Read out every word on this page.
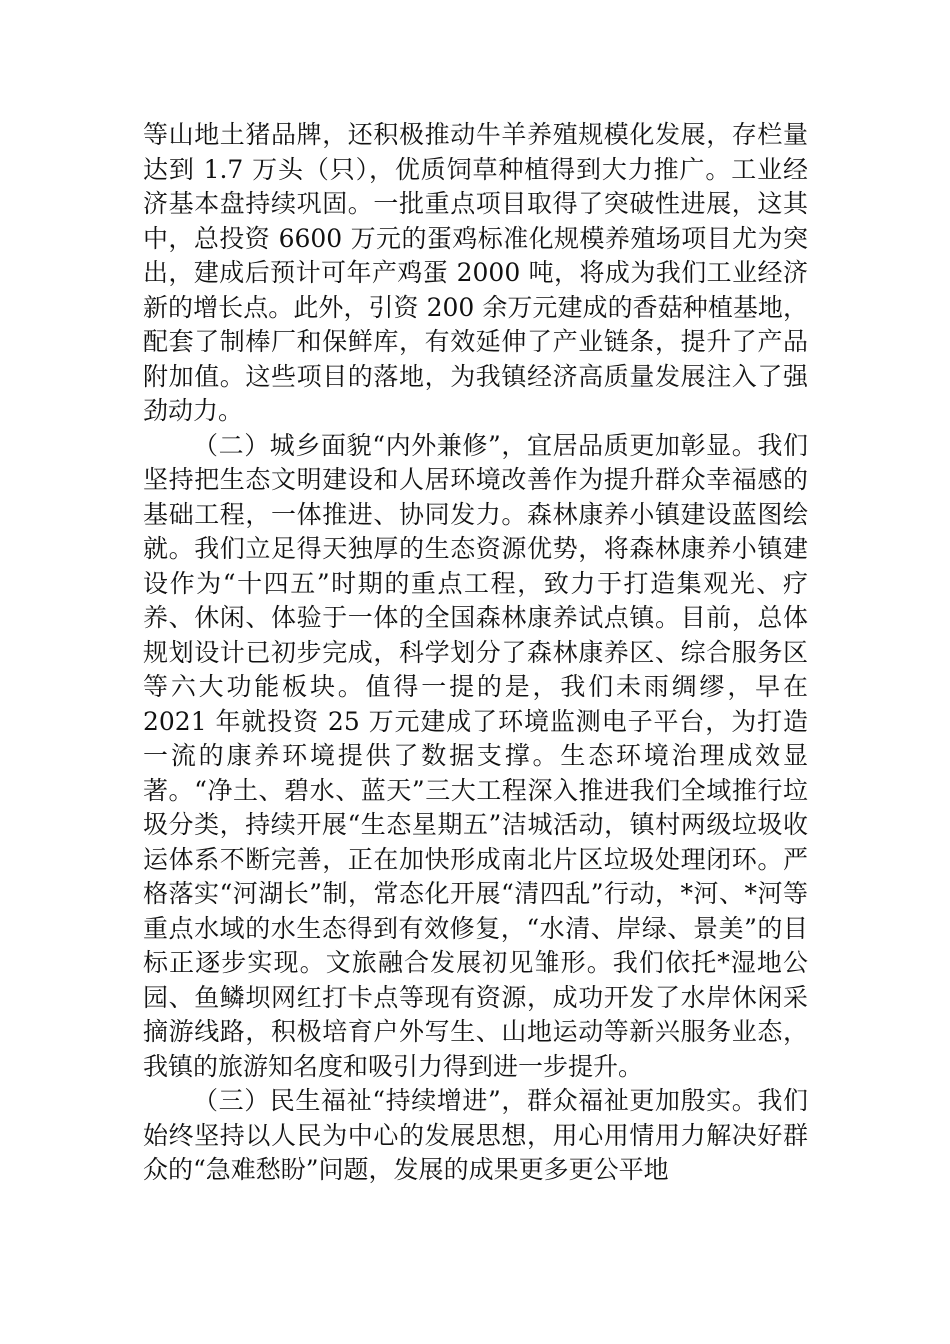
等山地土猪品牌，还积极推动牛羊养殖规模化发展，存栏量达到 1.7 万头（只），优质饲草种植得到大力推广。工业经济基本盘持续巩固。一批重点项目取得了突破性进展，这其中，总投资 6600 万元的蛋鸡标准化规模养殖场项目尤为突出，建成后预计可年产鸡蛋 2000 吨，将成为我们工业经济新的增长点。此外，引资 200 余万元建成的香菇种植基地，配套了制棒厂和保鲜库，有效延伸了产业链条，提升了产品附加值。这些项目的落地，为我镇经济高质量发展注入了强劲动力。

（二）城乡面貌“内外兼修”，宜居品质更加彰显。我们坚持把生态文明建设和人居环境改善作为提升群众幸福感的基础工程，一体推进、协同发力。森林康养小镇建设蓝图绘就。我们立足得天独厚的生态资源优势，将森林康养小镇建设作为“十四五”时期的重点工程，致力于打造集观光、疗养、休闲、体验于一体的全国森林康养试点镇。目前，总体规划设计已初步完成，科学划分了森林康养区、综合服务区等六大功能板块。值得一提的是，我们未雨绸缪，早在 2021 年就投资 25 万元建成了环境监测电子平台，为打造一流的康养环境提供了数据支撑。生态环境治理成效显著。“净土、碧水、蓝天”三大工程深入推进我们全域推行垃圾分类，持续开展“生态星期五”洁城活动，镇村两级垃圾收运体系不断完善，正在加快形成南北片区垃圾处理闭环。严格落实“河湖长”制，常态化开展“清四乱”行动，*河、*河等重点水域的水生态得到有效修复，“水清、岸绿、景美”的目标正逐步实现。文旅融合发展初见雏形。我们依托*湿地公园、鱼鳞坝网红打卡点等现有资源，成功开发了水岸休闲采摘游线路，积极培育户外写生、山地运动等新兴服务业态，我镇的旅游知名度和吸引力得到进一步提升。

（三）民生福祉“持续增进”，群众福祉更加殷实。我们始终坚持以人民为中心的发展思想，用心用情用力解决好群众的“急难愁盼”问题，发展的成果更多更公平地
